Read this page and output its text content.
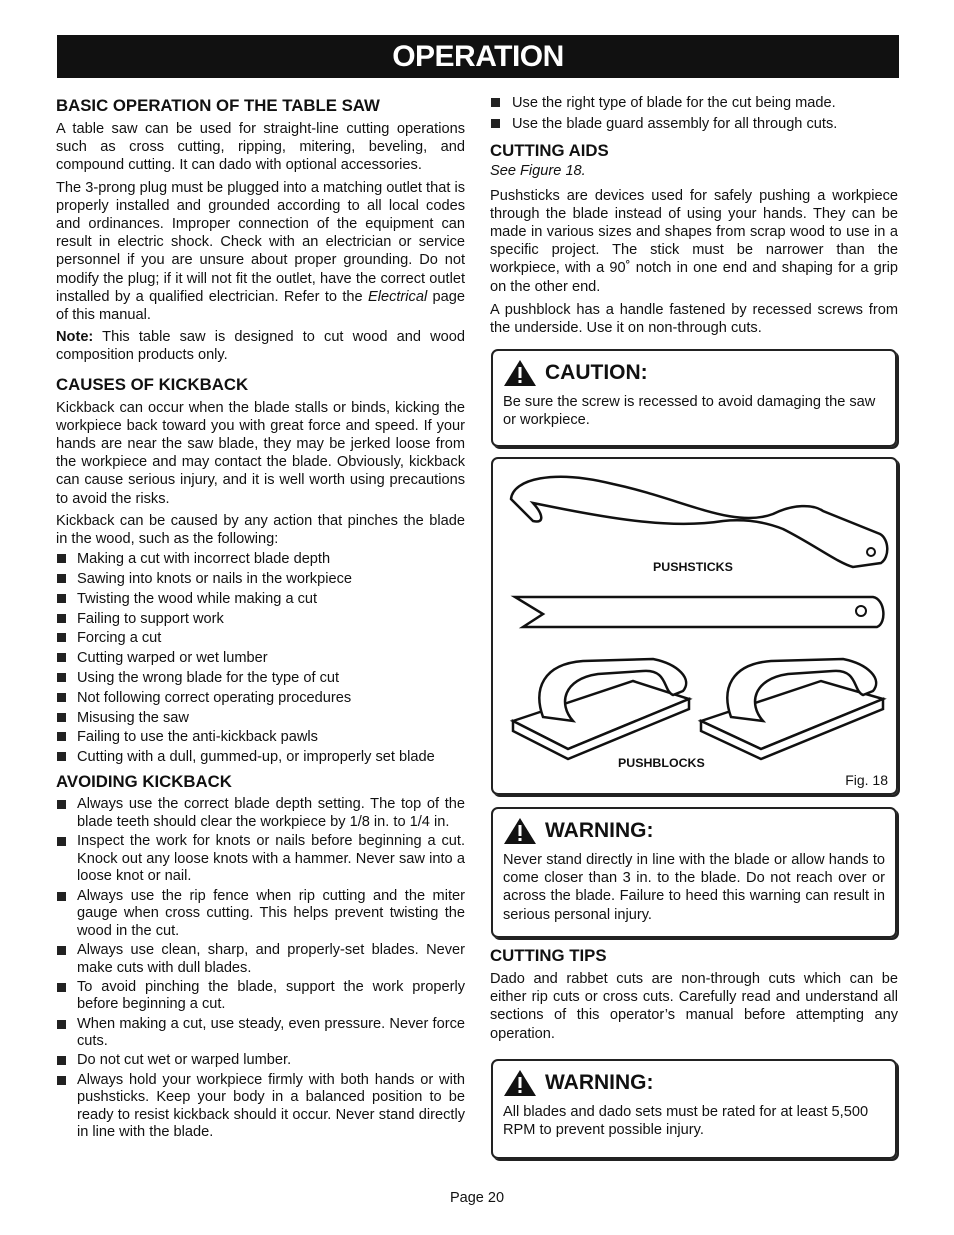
OPERATION
BASIC OPERATION OF THE TABLE SAW

A table saw can be used for straight-line cutting operations such as cross cutting, ripping, mitering, beveling, and compound cutting. It can dado with optional accessories.

The 3-prong plug must be plugged into a matching outlet that is properly installed and grounded according to all local codes and ordinances. Improper connection of the equipment can result in electric shock. Check with an electrician or service personnel if you are unsure about proper grounding. Do not modify the plug; if it will not fit the outlet, have the correct outlet installed by a qualified electrician. Refer to the Electrical page of this manual.

Note: This table saw is designed to cut wood and wood composition products only.

CAUSES OF KICKBACK

Kickback can occur when the blade stalls or binds, kicking the workpiece back toward you with great force and speed. If your hands are near the saw blade, they may be jerked loose from the workpiece and may contact the blade. Obviously, kickback can cause serious injury, and it is well worth using precautions to avoid the risks.

Kickback can be caused by any action that pinches the blade in the wood, such as the following:

Making a cut with incorrect blade depth
Sawing into knots or nails in the workpiece
Twisting the wood while making a cut
Failing to support work
Forcing a cut
Cutting warped or wet lumber
Using the wrong blade for the type of cut
Not following correct operating procedures
Misusing the saw
Failing to use the anti-kickback pawls
Cutting with a dull, gummed-up, or improperly set blade
AVOIDING KICKBACK
Always use the correct blade depth setting. The top of the blade teeth should clear the workpiece by 1/8 in. to 1/4 in.
Inspect the work for knots or nails before beginning a cut. Knock out any loose knots with a hammer. Never saw into a loose knot or nail.
Always use the rip fence when rip cutting and the miter gauge when cross cutting. This helps prevent twisting the wood in the cut.
Always use clean, sharp, and properly-set blades. Never make cuts with dull blades.
To avoid pinching the blade, support the work properly before beginning a cut.
When making a cut, use steady, even pressure. Never force cuts.
Do not cut wet or warped lumber.
Always hold your workpiece firmly with both hands or with pushsticks. Keep your body in a balanced position to be ready to resist kickback should it occur. Never stand directly in line with the blade.
Use the right type of blade for the cut being made.
Use the blade guard assembly for all through cuts.
CUTTING AIDS

See Figure 18.

Pushsticks are devices used for safely pushing a workpiece through the blade instead of using your hands. They can be made in various sizes and shapes from scrap wood to use in a specific project. The stick must be narrower than the workpiece, with a 90˚ notch in one end and shaping for a grip on the other end.

A pushblock has a handle fastened by recessed screws from the underside. Use it on non-through cuts.

CAUTION:
Be sure the screw is recessed to avoid damaging the saw or workpiece.
PUSHSTICKS
PUSHBLOCKS
Fig. 18
WARNING:
Never stand directly in line with the blade or allow hands to come closer than 3 in. to the blade. Do not reach over or across the blade. Failure to heed this warning can result in serious personal injury.
CUTTING TIPS

Dado and rabbet cuts are non-through cuts which can be either rip cuts or cross cuts. Carefully read and understand all sections of this operator’s manual before attempting any operation.

WARNING:
All blades and dado sets must be rated for at least 5,500 RPM to prevent possible injury.
Page 20
